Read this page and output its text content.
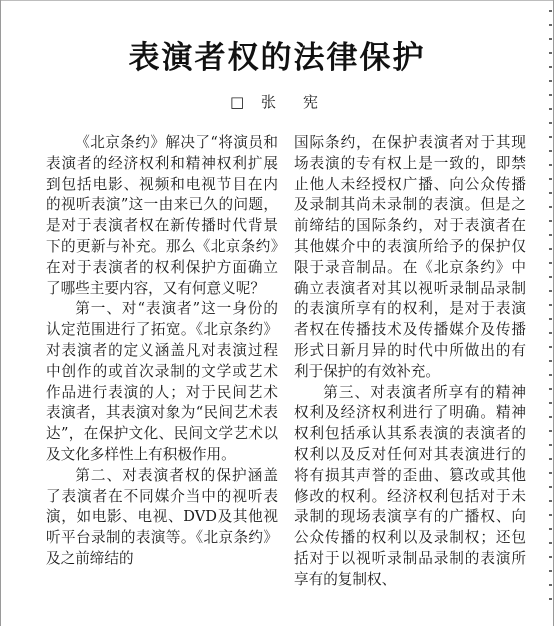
表演者权的法律保护
□ 张　宪

《北京条约》解决了“将演员和表演者的经济权利和精神权利扩展到包括电影、视频和电视节目在内的视听表演”这一由来已久的问题，是对于表演者权在新传播时代背景下的更新与补充。那么《北京条约》在对于表演者的权利保护方面确立了哪些主要内容，又有何意义呢？

第一、对“表演者”这一身份的认定范围进行了拓宽。《北京条约》对表演者的定义涵盖凡对表演过程中创作的或首次录制的文学或艺术作品进行表演的人；对于民间艺术表演者，其表演对象为“民间艺术表达”，在保护文化、民间文学艺术以及文化多样性上有积极作用。

第二、对表演者权的保护涵盖了表演者在不同媒介当中的视听表演，如电影、电视、DVD及其他视听平台录制的表演等。《北京条约》及之前缔结的

国际条约，在保护表演者对于其现场表演的专有权上是一致的，即禁止他人未经授权广播、向公众传播及录制其尚未录制的表演。但是之前缔结的国际条约，对于表演者在其他媒介中的表演所给予的保护仅限于录音制品。在《北京条约》中确立表演者对其以视听录制品录制的表演所享有的权利，是对于表演者权在传播技术及传播媒介及传播形式日新月异的时代中所做出的有利于保护的有效补充。

第三、对表演者所享有的精神权利及经济权利进行了明确。精神权利包括承认其系表演的表演者的权利以及反对任何对其表演进行的将有损其声誉的歪曲、篡改或其他修改的权利。经济权利包括对于未录制的现场表演享有的广播权、向公众传播的权利以及录制权；还包括对于以视听录制品录制的表演所享有的复制权、
